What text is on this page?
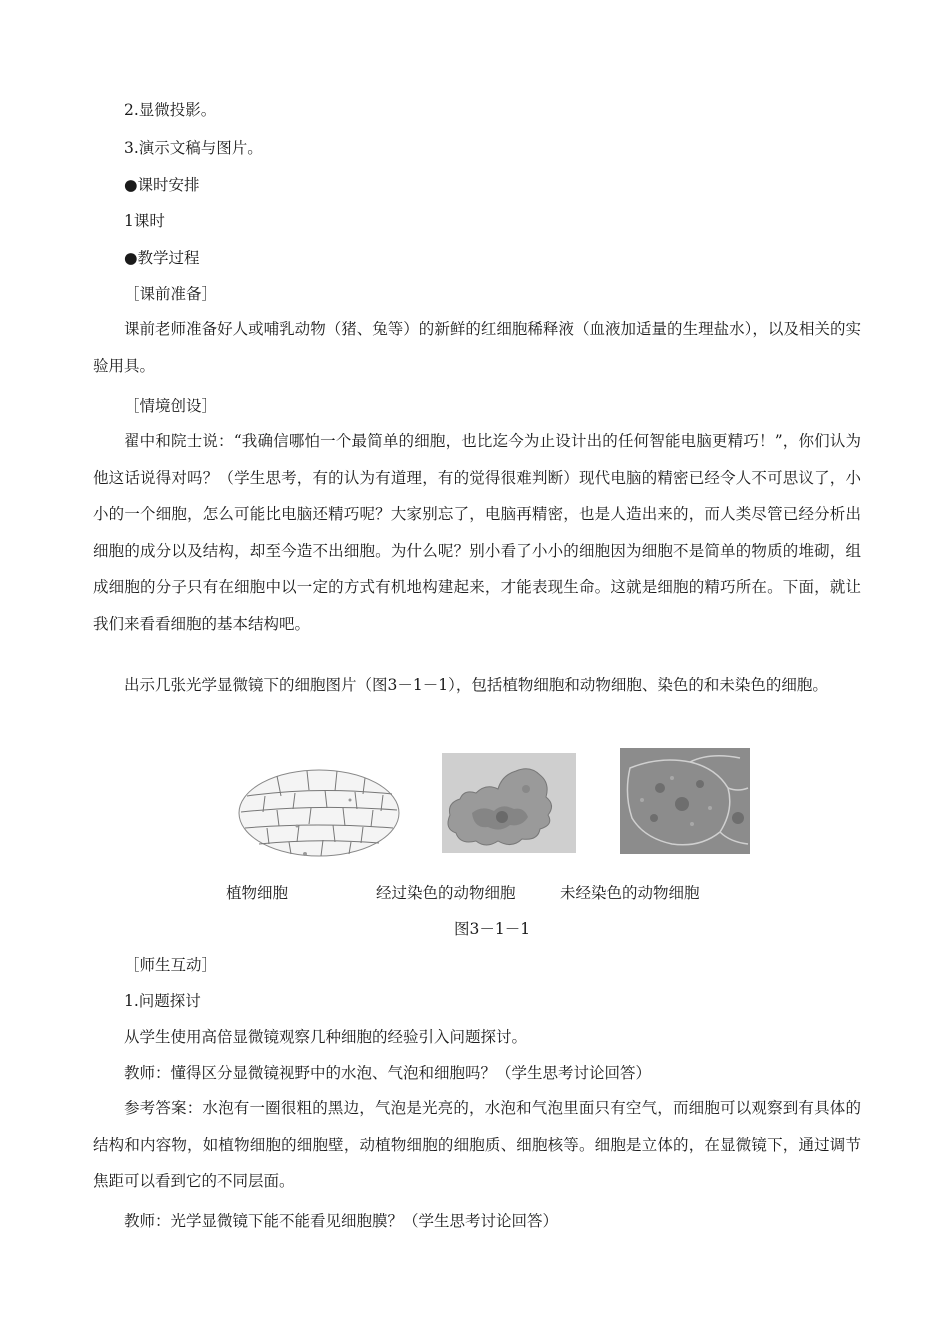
2.显微投影。
3.演示文稿与图片。
●课时安排
1课时
●教学过程
［课前准备］
课前老师准备好人或哺乳动物（猪、兔等）的新鲜的红细胞稀释液（血液加适量的生理盐水），以及相关的实验用具。
［情境创设］
翟中和院士说：“我确信哪怕一个最简单的细胞，也比迄今为止设计出的任何智能电脑更精巧！”，你们认为他这话说得对吗？（学生思考，有的认为有道理，有的觉得很难判断）现代电脑的精密已经令人不可思议了，小小的一个细胞，怎么可能比电脑还精巧呢？大家别忘了，电脑再精密，也是人造出来的，而人类尽管已经分析出细胞的成分以及结构，却至今造不出细胞。为什么呢？别小看了小小的细胞因为细胞不是简单的物质的堆砌，组成细胞的分子只有在细胞中以一定的方式有机地构建起来，才能表现生命。这就是细胞的精巧所在。下面，就让我们来看看细胞的基本结构吧。
出示几张光学显微镜下的细胞图片（图3－1－1），包括植物细胞和动物细胞、染色的和未染色的细胞。
植物细胞	经过染色的动物细胞	未经染色的动物细胞
图3－1－1
［师生互动］
1.问题探讨
从学生使用高倍显微镜观察几种细胞的经验引入问题探讨。
教师：懂得区分显微镜视野中的水泡、气泡和细胞吗？（学生思考讨论回答）
参考答案：水泡有一圈很粗的黑边，气泡是光亮的，水泡和气泡里面只有空气，而细胞可以观察到有具体的结构和内容物，如植物细胞的细胞壁，动植物细胞的细胞质、细胞核等。细胞是立体的，在显微镜下，通过调节焦距可以看到它的不同层面。
教师：光学显微镜下能不能看见细胞膜？（学生思考讨论回答）
